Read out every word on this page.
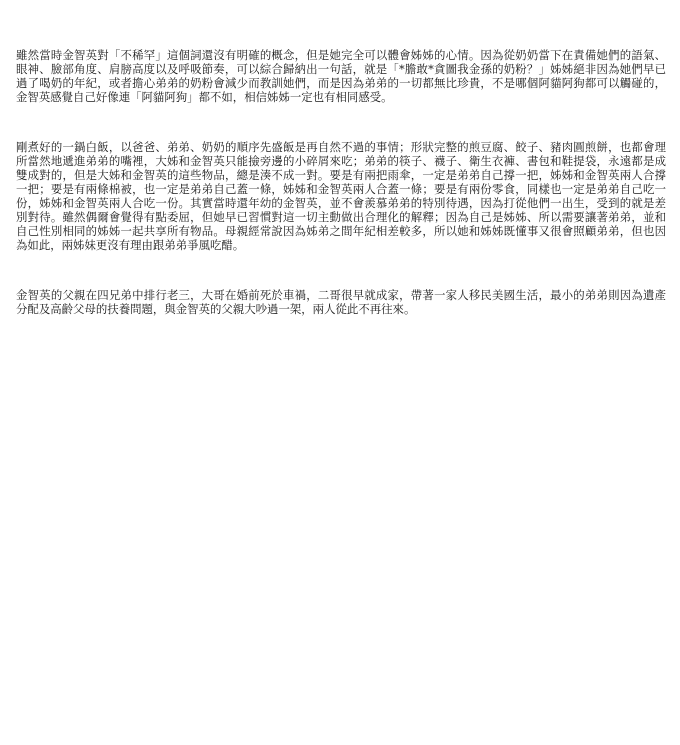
雖然當時金智英對「不稀罕」這個詞還沒有明確的概念，但是她完全可以體會姊姊的心情。因為從奶奶當下在責備她們的語氣、眼神、臉部角度、肩膀高度以及呼吸節奏，可以綜合歸納出一句話，就是「*膽敢*貪圖我金孫的奶粉？」姊姊絕非因為她們早已過了喝奶的年紀，或者擔心弟弟的奶粉會減少而教訓她們，而是因為弟弟的一切都無比珍貴，不是哪個阿貓阿狗都可以觸碰的，金智英感覺自己好像連「阿貓阿狗」都不如，相信姊姊一定也有相同感受。

剛煮好的一鍋白飯，以爸爸、弟弟、奶奶的順序先盛飯是再自然不過的事情；形狀完整的煎豆腐、餃子、豬肉圓煎餅，也都會理所當然地遞進弟弟的嘴裡，大姊和金智英只能撿旁邊的小碎屑來吃；弟弟的筷子、襪子、衛生衣褲、書包和鞋提袋，永遠都是成雙成對的，但是大姊和金智英的這些物品，總是湊不成一對。要是有兩把雨傘，一定是弟弟自己撐一把，姊姊和金智英兩人合撐一把；要是有兩條棉被，也一定是弟弟自己蓋一條，姊姊和金智英兩人合蓋一條；要是有兩份零食，同樣也一定是弟弟自己吃一份，姊姊和金智英兩人合吃一份。其實當時還年幼的金智英，並不會羨慕弟弟的特別待遇，因為打從他們一出生，受到的就是差別對待。雖然偶爾會覺得有點委屈，但她早已習慣對這一切主動做出合理化的解釋；因為自己是姊姊、所以需要讓著弟弟，並和自己性別相同的姊姊一起共享所有物品。母親經常說因為姊弟之間年紀相差較多，所以她和姊姊既懂事又很會照顧弟弟，但也因為如此，兩姊妹更沒有理由跟弟弟爭風吃醋。

金智英的父親在四兄弟中排行老三，大哥在婚前死於車禍，二哥很早就成家，帶著一家人移民美國生活，最小的弟弟則因為遺產分配及高齡父母的扶養問題，與金智英的父親大吵過一架，兩人從此不再往來。
